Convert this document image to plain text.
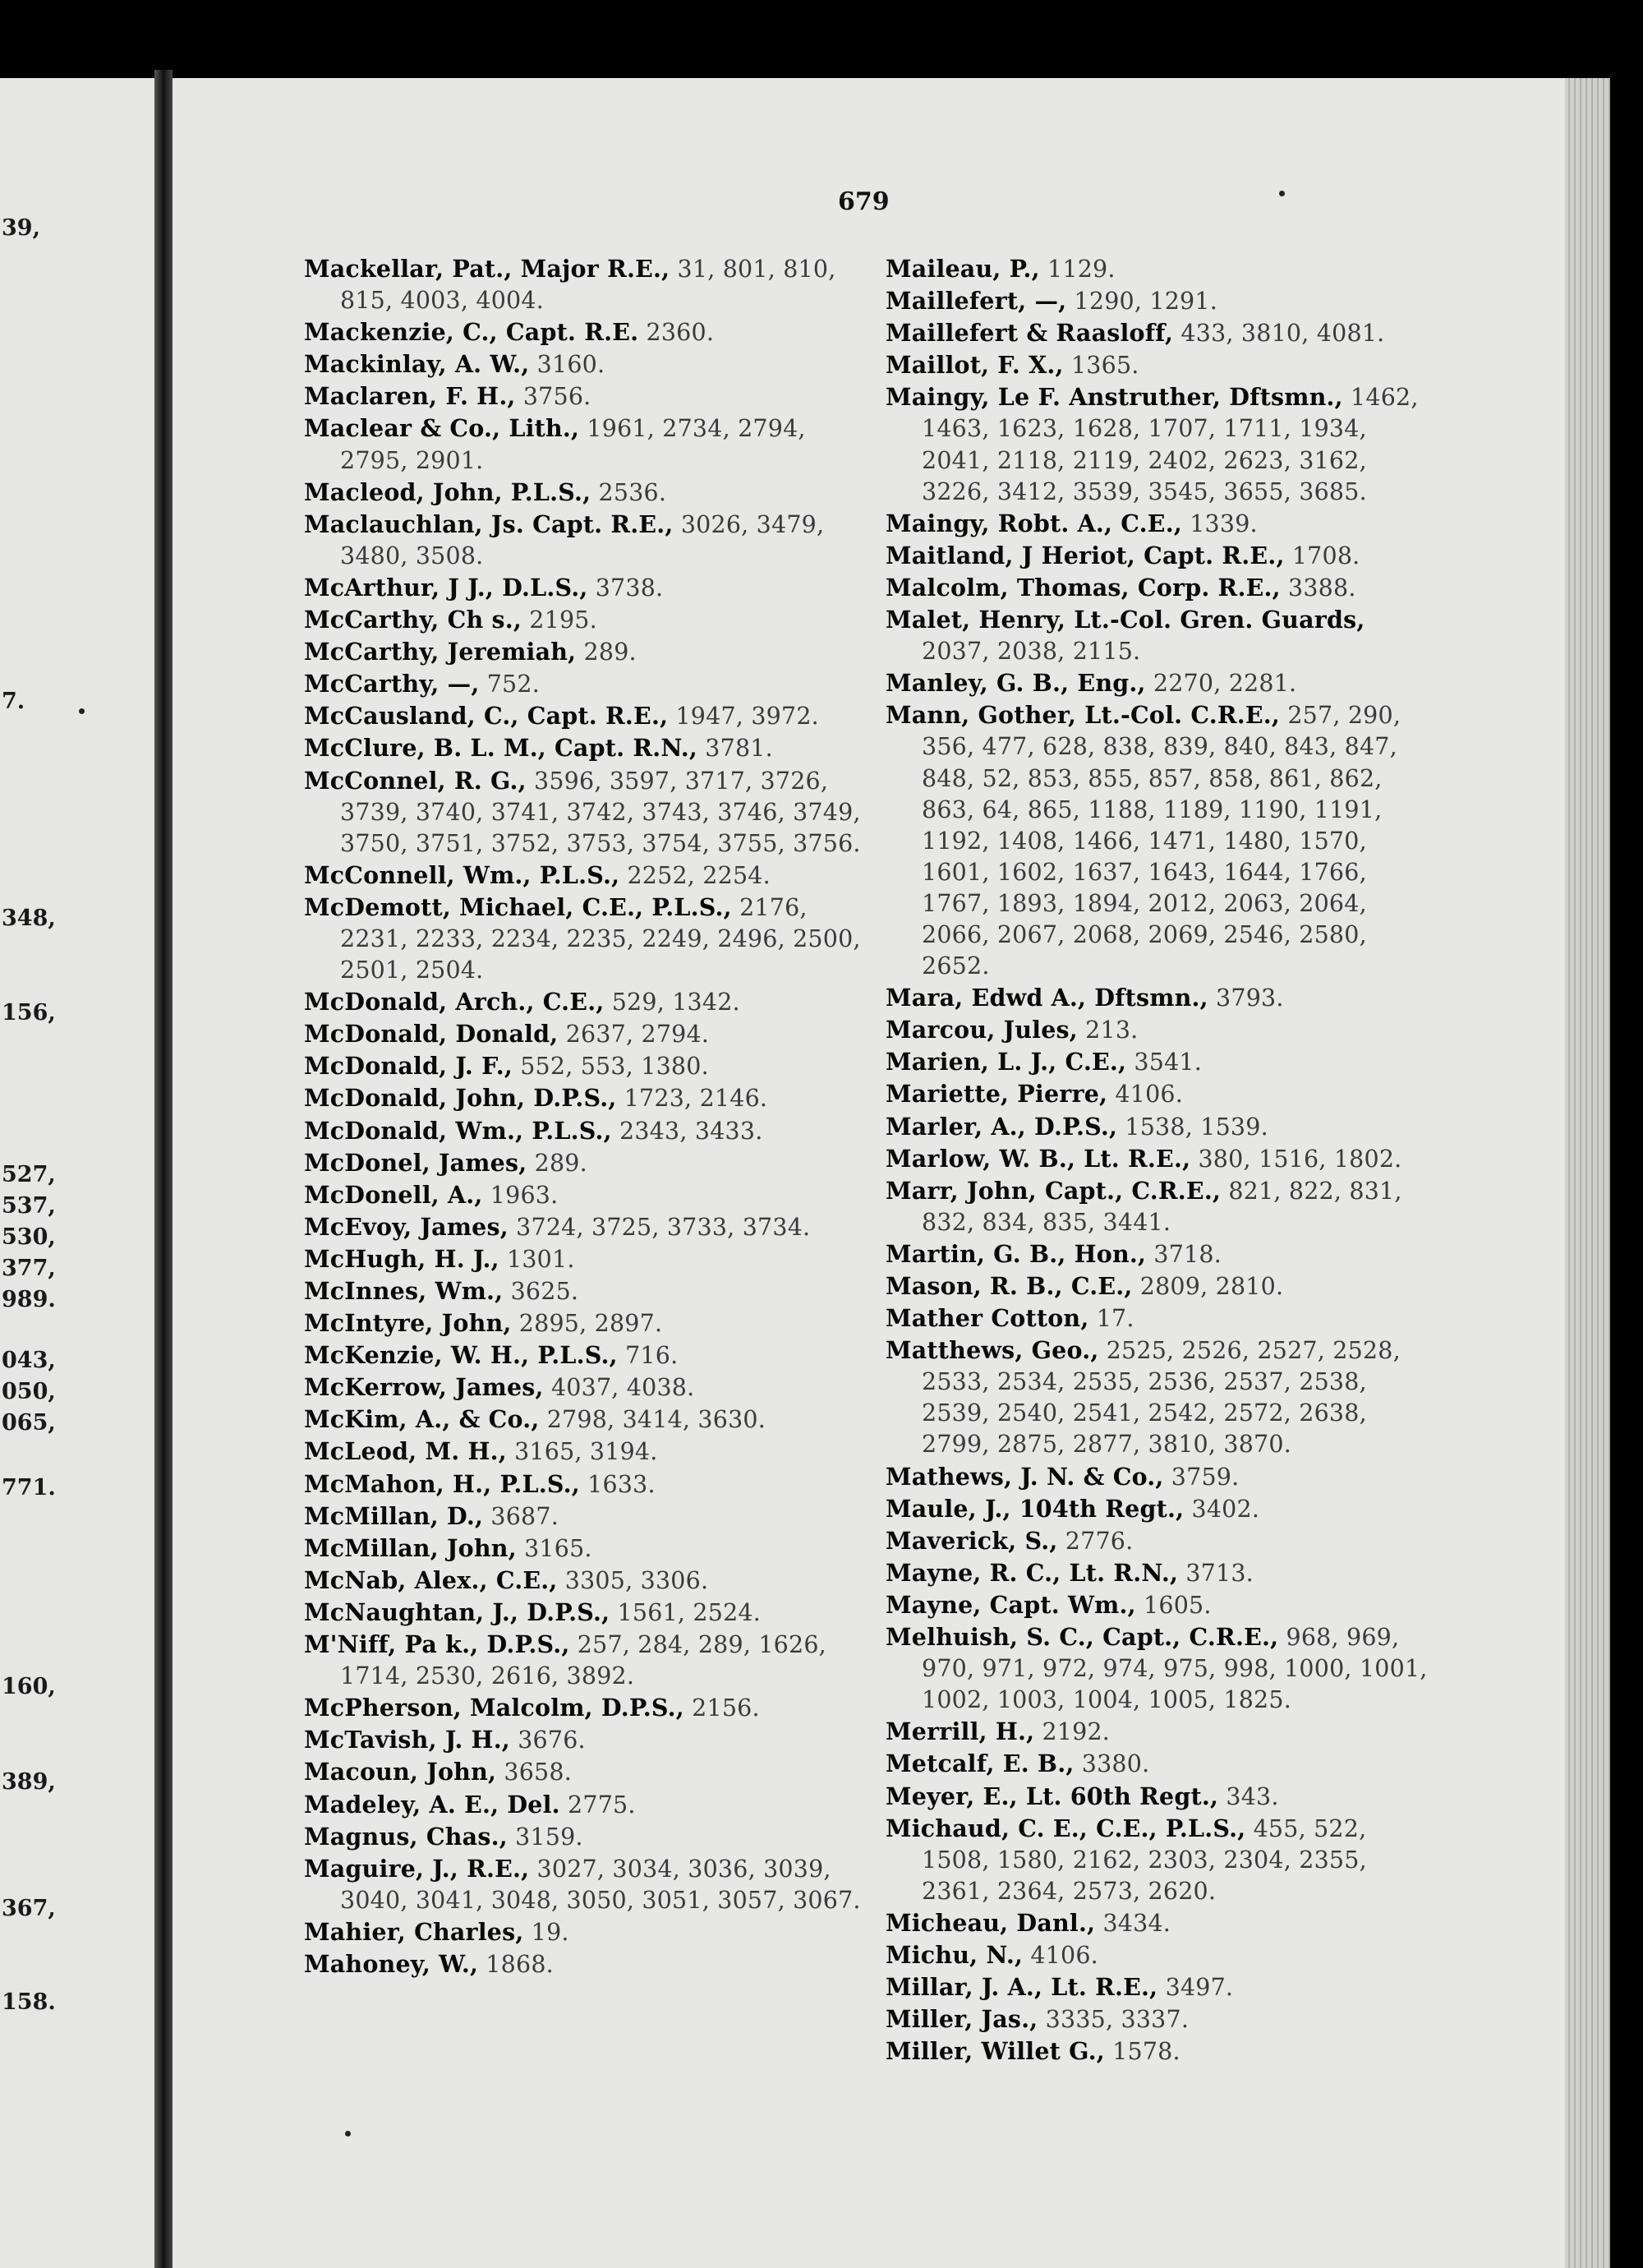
39,
7.
348,
156,
527,
537,
530,
377,
989.
043,
050,
065,
771.
160,
389,
367,
158.
679

Mackellar, Pat., Major R.E., 31, 801, 810, 815, 4003, 4004.

Mackenzie, C., Capt. R.E. 2360.

Mackinlay, A. W., 3160.

Maclaren, F. H., 3756.

Maclear & Co., Lith., 1961, 2734, 2794, 2795, 2901.

Macleod, John, P.L.S., 2536.

Maclauchlan, Js. Capt. R.E., 3026, 3479, 3480, 3508.

McArthur, J J., D.L.S., 3738.

McCarthy, Ch s., 2195.

McCarthy, Jeremiah, 289.

McCarthy, —, 752.

McCausland, C., Capt. R.E., 1947, 3972.

McClure, B. L. M., Capt. R.N., 3781.

McConnel, R. G., 3596, 3597, 3717, 3726, 3739, 3740, 3741, 3742, 3743, 3746, 3749, 3750, 3751, 3752, 3753, 3754, 3755, 3756.

McConnell, Wm., P.L.S., 2252, 2254.

McDemott, Michael, C.E., P.L.S., 2176, 2231, 2233, 2234, 2235, 2249, 2496, 2500, 2501, 2504.

McDonald, Arch., C.E., 529, 1342.

McDonald, Donald, 2637, 2794.

McDonald, J. F., 552, 553, 1380.

McDonald, John, D.P.S., 1723, 2146.

McDonald, Wm., P.L.S., 2343, 3433.

McDonel, James, 289.

McDonell, A., 1963.

McEvoy, James, 3724, 3725, 3733, 3734.

McHugh, H. J., 1301.

McInnes, Wm., 3625.

McIntyre, John, 2895, 2897.

McKenzie, W. H., P.L.S., 716.

McKerrow, James, 4037, 4038.

McKim, A., & Co., 2798, 3414, 3630.

McLeod, M. H., 3165, 3194.

McMahon, H., P.L.S., 1633.

McMillan, D., 3687.

McMillan, John, 3165.

McNab, Alex., C.E., 3305, 3306.

McNaughtan, J., D.P.S., 1561, 2524.

M'Niff, Pa k., D.P.S., 257, 284, 289, 1626, 1714, 2530, 2616, 3892.

McPherson, Malcolm, D.P.S., 2156.

McTavish, J. H., 3676.

Macoun, John, 3658.

Madeley, A. E., Del. 2775.

Magnus, Chas., 3159.

Maguire, J., R.E., 3027, 3034, 3036, 3039, 3040, 3041, 3048, 3050, 3051, 3057, 3067.

Mahier, Charles, 19.

Mahoney, W., 1868.

Maileau, P., 1129.

Maillefert, —, 1290, 1291.

Maillefert & Raasloff, 433, 3810, 4081.

Maillot, F. X., 1365.

Maingy, Le F. Anstruther, Dftsmn., 1462, 1463, 1623, 1628, 1707, 1711, 1934, 2041, 2118, 2119, 2402, 2623, 3162, 3226, 3412, 3539, 3545, 3655, 3685.

Maingy, Robt. A., C.E., 1339.

Maitland, J Heriot, Capt. R.E., 1708.

Malcolm, Thomas, Corp. R.E., 3388.

Malet, Henry, Lt.-Col. Gren. Guards, 2037, 2038, 2115.

Manley, G. B., Eng., 2270, 2281.

Mann, Gother, Lt.-Col. C.R.E., 257, 290, 356, 477, 628, 838, 839, 840, 843, 847, 848, 52, 853, 855, 857, 858, 861, 862, 863, 64, 865, 1188, 1189, 1190, 1191, 1192, 1408, 1466, 1471, 1480, 1570, 1601, 1602, 1637, 1643, 1644, 1766, 1767, 1893, 1894, 2012, 2063, 2064, 2066, 2067, 2068, 2069, 2546, 2580, 2652.

Mara, Edwd A., Dftsmn., 3793.

Marcou, Jules, 213.

Marien, L. J., C.E., 3541.

Mariette, Pierre, 4106.

Marler, A., D.P.S., 1538, 1539.

Marlow, W. B., Lt. R.E., 380, 1516, 1802.

Marr, John, Capt., C.R.E., 821, 822, 831, 832, 834, 835, 3441.

Martin, G. B., Hon., 3718.

Mason, R. B., C.E., 2809, 2810.

Mather Cotton, 17.

Matthews, Geo., 2525, 2526, 2527, 2528, 2533, 2534, 2535, 2536, 2537, 2538, 2539, 2540, 2541, 2542, 2572, 2638, 2799, 2875, 2877, 3810, 3870.

Mathews, J. N. & Co., 3759.

Maule, J., 104th Regt., 3402.

Maverick, S., 2776.

Mayne, R. C., Lt. R.N., 3713.

Mayne, Capt. Wm., 1605.

Melhuish, S. C., Capt., C.R.E., 968, 969, 970, 971, 972, 974, 975, 998, 1000, 1001, 1002, 1003, 1004, 1005, 1825.

Merrill, H., 2192.

Metcalf, E. B., 3380.

Meyer, E., Lt. 60th Regt., 343.

Michaud, C. E., C.E., P.L.S., 455, 522, 1508, 1580, 2162, 2303, 2304, 2355, 2361, 2364, 2573, 2620.

Micheau, Danl., 3434.

Michu, N., 4106.

Millar, J. A., Lt. R.E., 3497.

Miller, Jas., 3335, 3337.

Miller, Willet G., 1578.
